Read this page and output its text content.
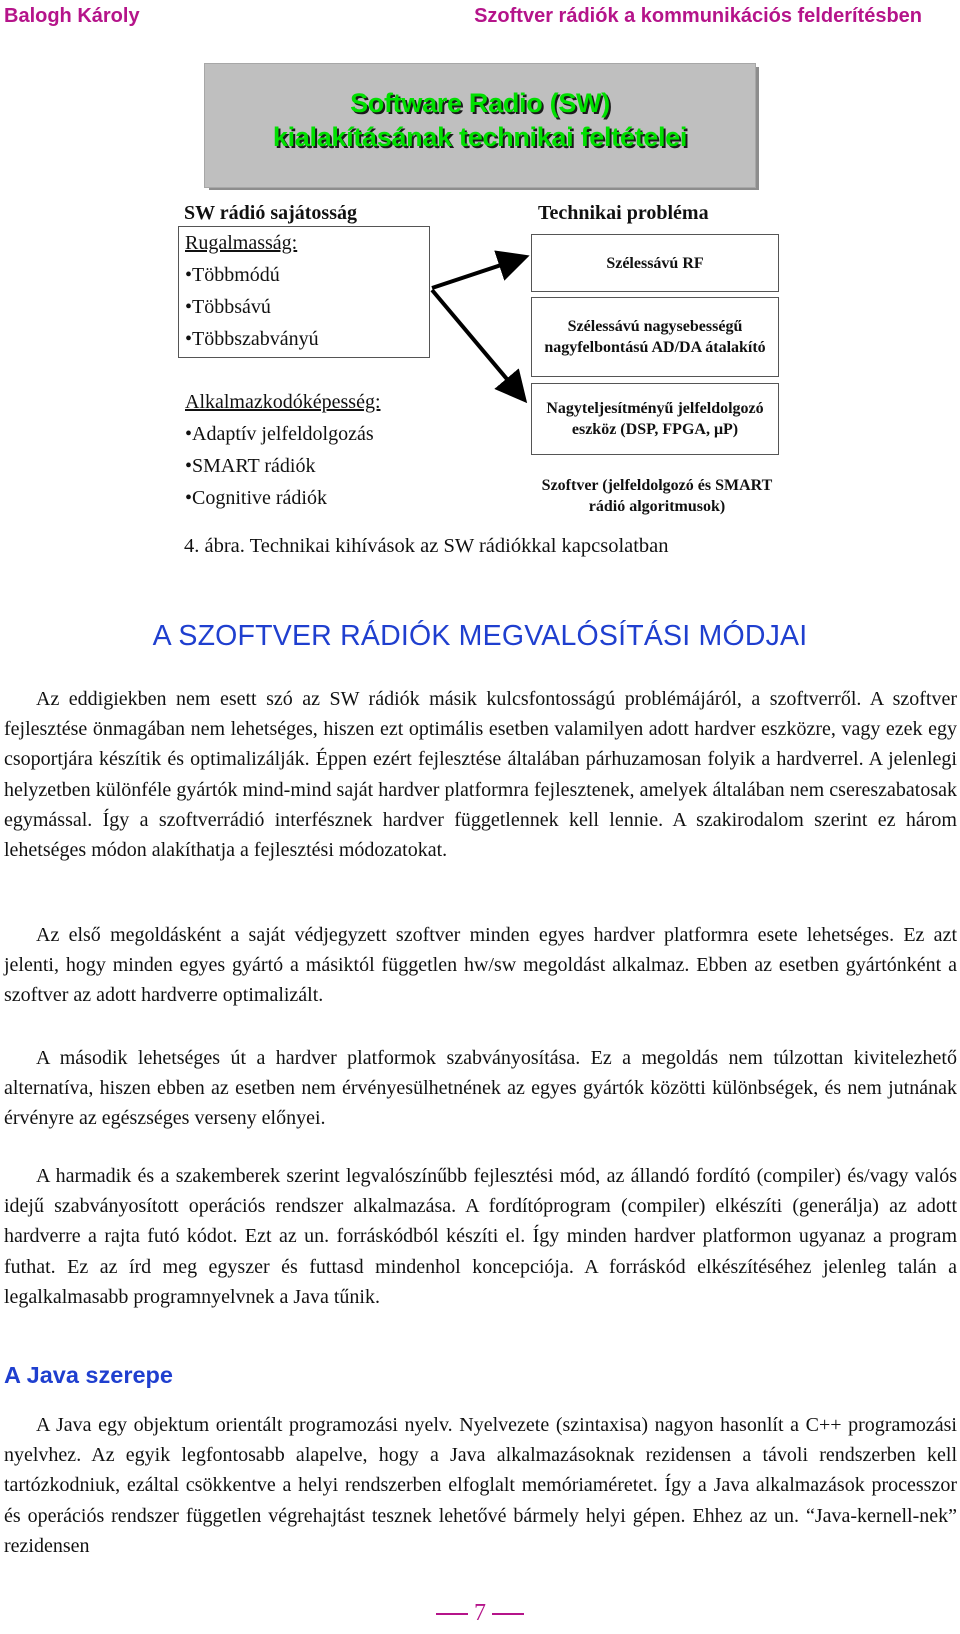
Balogh Károly	Szoftver rádiók a kommunikációs felderítésben
Software Radio (SW)
kialakításának technikai feltételei
SW rádió sajátosság	Technikai probléma
Rugalmasság:
•Többmódú
•Többsávú
•Többszabványú
Alkalmazkodóképesség:
•Adaptív jelfeldolgozás
•SMART rádiók
•Cognitive rádiók
Szélessávú RF
Szélessávú nagysebességű nagyfelbontású AD/DA átalakító
Nagyteljesítményű jelfeldolgozó eszköz (DSP, FPGA, μP)
Szoftver (jelfeldolgozó és SMART rádió algoritmusok)
4. ábra. Technikai kihívások az SW rádiókkal kapcsolatban
A SZOFTVER RÁDIÓK MEGVALÓSÍTÁSI MÓDJAI

Az eddigiekben nem esett szó az SW rádiók másik kulcsfontosságú problémájáról, a szoftverről. A szoftver fejlesztése önmagában nem lehetséges, hiszen ezt optimális esetben valamilyen adott hardver eszközre, vagy ezek egy csoportjára készítik és optimalizálják. Éppen ezért fejlesztése általában párhuzamosan folyik a hardverrel. A jelenlegi helyzetben különféle gyártók mind-mind saját hardver platformra fejlesztenek, amelyek általában nem csereszabatosak egymással. Így a szoftverrádió interfésznek hardver függetlennek kell lennie. A szakirodalom szerint ez három lehetséges módon alakíthatja a fejlesztési módozatokat.

Az első megoldásként a saját védjegyzett szoftver minden egyes hardver platformra esete lehetséges. Ez azt jelenti, hogy minden egyes gyártó a másiktól független hw/sw megoldást alkalmaz. Ebben az esetben gyártónként a szoftver az adott hardverre optimalizált.

A második lehetséges út a hardver platformok szabványosítása. Ez a megoldás nem túlzottan kivitelezhető alternatíva, hiszen ebben az esetben nem érvényesülhetnének az egyes gyártók közötti különbségek, és nem jutnának érvényre az egészséges verseny előnyei.

A harmadik és a szakemberek szerint legvalószínűbb fejlesztési mód, az állandó fordító (compiler) és/vagy valós idejű szabványosított operációs rendszer alkalmazása. A fordítóprogram (compiler) elkészíti (generálja) az adott hardverre a rajta futó kódot. Ezt az un. forráskódból készíti el. Így minden hardver platformon ugyanaz a program futhat. Ez az írd meg egyszer és futtasd mindenhol koncepciója. A forráskód elkészítéséhez jelenleg talán a legalkalmasabb programnyelvnek a Java tűnik.

A Java szerepe

A Java egy objektum orientált programozási nyelv. Nyelvezete (szintaxisa) nagyon hasonlít a C++ programozási nyelvhez. Az egyik legfontosabb alapelve, hogy a Java alkalmazásoknak rezidensen a távoli rendszerben kell tartózkodniuk, ezáltal csökkentve a helyi rendszerben elfoglalt memóriaméretet. Így a Java alkalmazások processzor és operációs rendszer független végrehajtást tesznek lehetővé bármely helyi gépen. Ehhez az un. “Java-kernell-nek” rezidensen

7
